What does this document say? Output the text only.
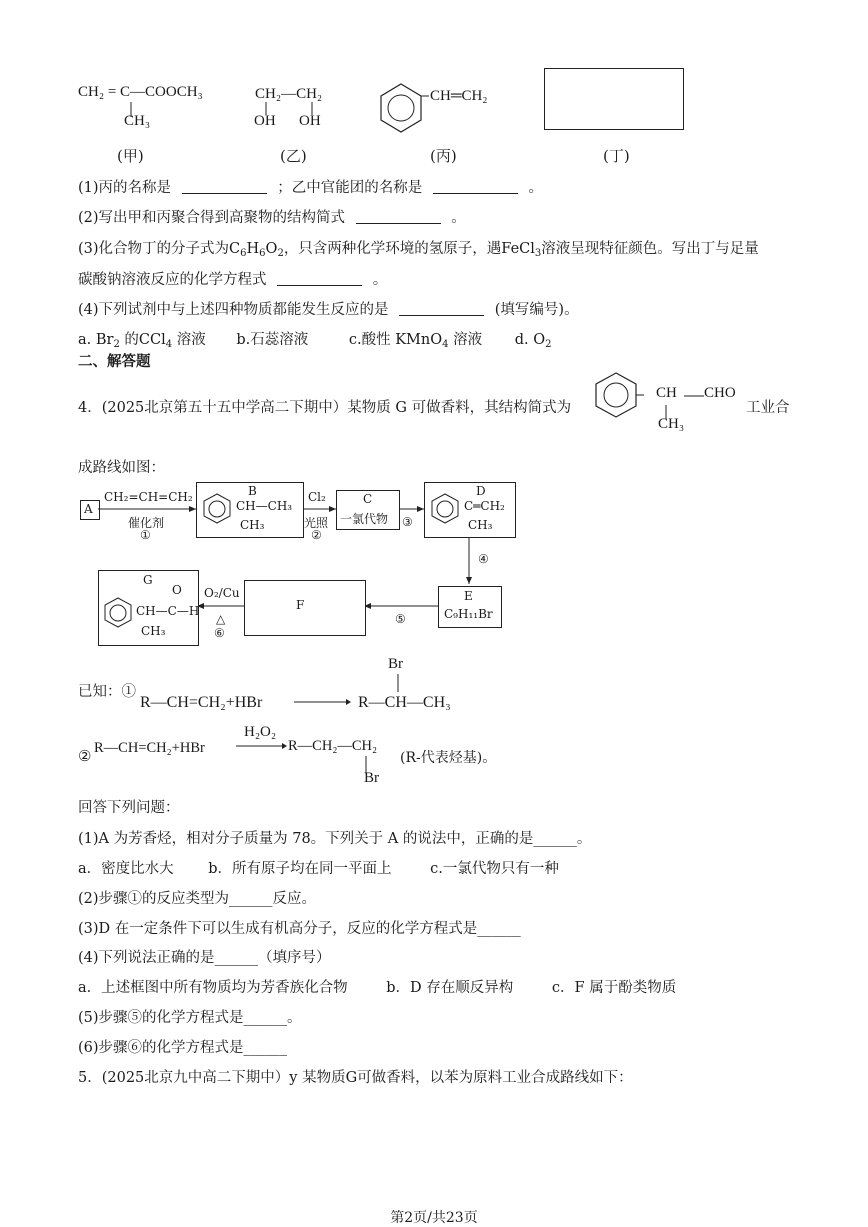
CH₂ = C—COOCH₃
CH₃
(甲)
CH₂—CH₂
OH OH
(乙)
CH═CH₂
(丙)	(丁)
(1)丙的名称是	；乙中官能团的名称是	。
(2)写出甲和丙聚合得到高聚物的结构简式	。
(3)化合物丁的分子式为$C_6H_6O_2$，只含两种化学环境的氢原子，遇FeCl$_3$溶液呈现特征颜色。写出丁与足量
碳酸钠溶液反应的化学方程式	。
(4)下列试剂中与上述四种物质都能发生反应的是	(填写编号)。
a. $Br_2$ 的CCl$_4$ 溶液 b.石蕊溶液	c.酸性 KMnO$_4$ 溶液 d. $O_2$
二、解答题
4．(2025北京第五十五中学高二下期中）某物质 G 可做香料，其结构简式为
CH CHO
CH₃
工业合
成路线如图：
A
CH₂=CH=CH₂
催化剂
①
B
CH—CH₃
CH₃
Cl₂
光照
②
C
一氯代物 ③
D
C═CH₂
CH₃
④
E
C₉H₁₁Br
⑤
F
O₂/Cu
△
⑥
G
O
CH—C—H
CH₃
已知：①
Br
R—CH=CH₂+HBr	R—CH—CH₃
②
R—CH=CH₂+HBr
H₂O₂
R—CH₂—CH₂
Br
(R-代表烃基)。
回答下列问题：
(1)A 为芳香烃，相对分子质量为 78。下列关于 A 的说法中，正确的是______。
a．密度比水大 b．所有原子均在同一平面上	c.一氯代物只有一种
(2)步骤①的反应类型为______反应。
(3)D 在一定条件下可以生成有机高分子，反应的化学方程式是______
(4)下列说法正确的是______（填序号）
a．上述框图中所有物质均为芳香族化合物	b．D 存在顺反异构	c．F 属于酚类物质
(5)步骤⑤的化学方程式是______。
(6)步骤⑥的化学方程式是______
5．(2025北京九中高二下期中）y 某物质G可做香料，以苯为原料工业合成路线如下：
第2页/共23页
